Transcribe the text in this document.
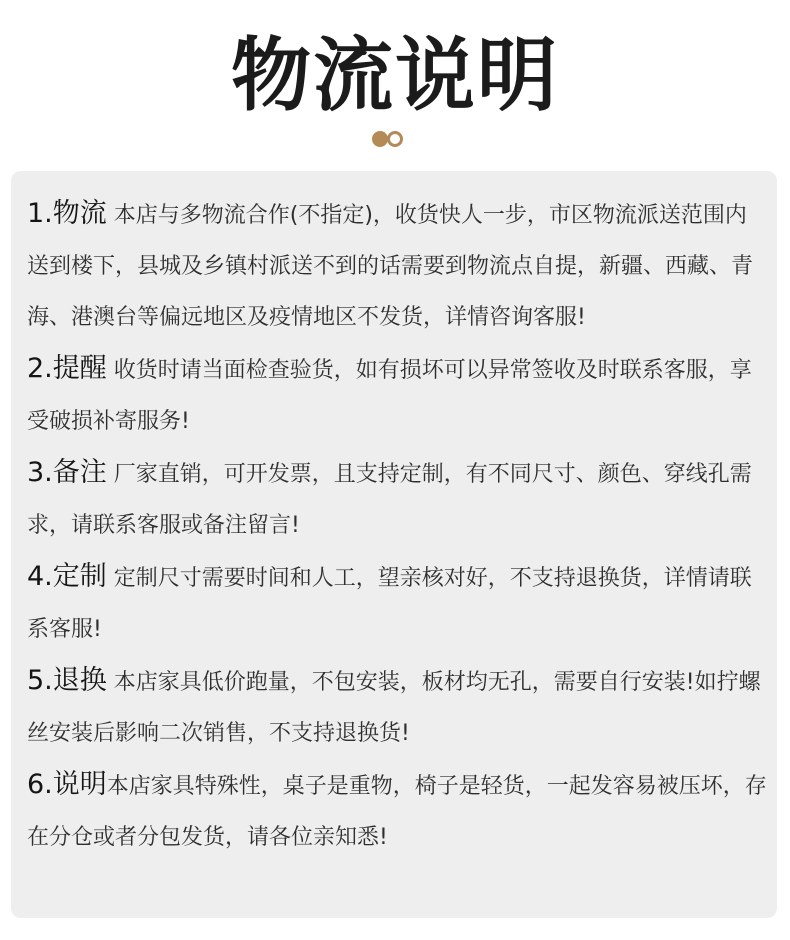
物流说明

1.物流 本店与多物流合作(不指定)，收货快人一步，市区物流派送范围内送到楼下，县城及乡镇村派送不到的话需要到物流点自提，新疆、西藏、青海、港澳台等偏远地区及疫情地区不发货，详情咨询客服!

2.提醒 收货时请当面检查验货，如有损坏可以异常签收及时联系客服，享受破损补寄服务!

3.备注 厂家直销，可开发票，且支持定制，有不同尺寸、颜色、穿线孔需求，请联系客服或备注留言!

4.定制 定制尺寸需要时间和人工，望亲核对好，不支持退换货，详情请联系客服!

5.退换 本店家具低价跑量，不包安装，板材均无孔，需要自行安装!如拧螺丝安装后影响二次销售，不支持退换货!

6.说明本店家具特殊性，桌子是重物，椅子是轻货，一起发容易被压坏，存在分仓或者分包发货，请各位亲知悉!
